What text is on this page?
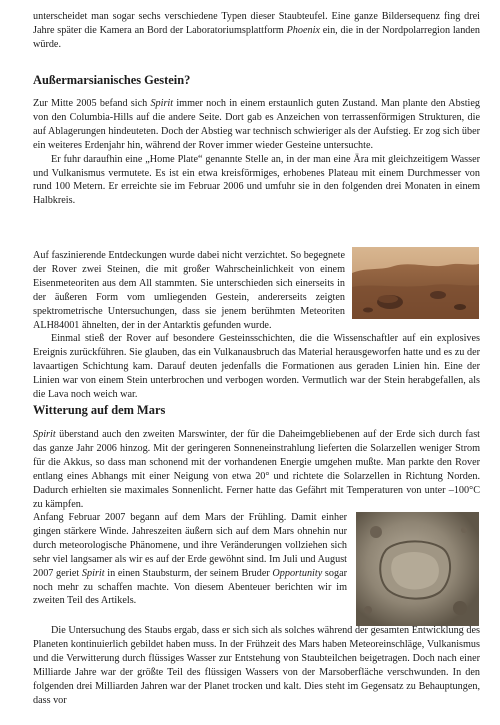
unterscheidet man sogar sechs verschiedene Typen dieser Staubteufel. Eine ganze Bildersequenz fing drei Jahre später die Kamera an Bord der Laboratoriumsplattform Phoenix ein, die in der Nordpolarregion landen würde.

Außermarsianisches Gestein?

Zur Mitte 2005 befand sich Spirit immer noch in einem erstaunlich guten Zustand. Man plante den Abstieg von den Columbia-Hills auf die andere Seite. Dort gab es Anzeichen von terrassenförmigen Strukturen, die auf Ablagerungen hindeuteten. Doch der Abstieg war technisch schwieriger als der Aufstieg. Er zog sich über ein weiteres Erdenjahr hin, während der Rover immer wieder Gesteine untersuchte.

Er fuhr daraufhin eine „Home Plate“ genannte Stelle an, in der man eine Ära mit gleichzeitigem Wasser und Vulkanismus vermutete. Es ist ein etwa kreisförmiges, erhobenes Plateau mit einem Durchmesser von rund 100 Metern. Er erreichte sie im Februar 2006 und umfuhr sie in den folgenden drei Monaten in einem Halbkreis.

Auf faszinierende Entdeckungen wurde dabei nicht verzichtet. So begegnete der Rover zwei Steinen, die mit großer Wahrscheinlichkeit von einem Eisenmeteoriten aus dem All stammten. Sie unterschieden sich einerseits in der äußeren Form vom umliegenden Gestein, andererseits zeigten spektrometrische Untersuchungen, dass sie jenem berühmten Meteoriten ALH84001 ähnelten, der in der Antarktis gefunden wurde.

Einmal stieß der Rover auf besondere Gesteinsschichten, die die Wissenschaftler auf ein explosives Ereignis zurückführen. Sie glauben, das ein Vulkanausbruch das Material herausgeworfen hatte und es zu der lavaartigen Schichtung kam. Darauf deuten jedenfalls die Formationen aus geraden Linien hin. Eine der Linien war von einem Stein unterbrochen und verbogen worden. Vermutlich war der Stein herabgefallen, als die Lava noch weich war.

Witterung auf dem Mars

Spirit überstand auch den zweiten Marswinter, der für die Daheimgebliebenen auf der Erde sich durch fast das ganze Jahr 2006 hinzog. Mit der geringeren Sonneneinstrahlung lieferten die Solarzellen weniger Strom für die Akkus, so dass man schonend mit der vorhandenen Energie umgehen mußte. Man parkte den Rover entlang eines Abhangs mit einer Neigung von etwa 20° und richtete die Solarzellen in Richtung Norden. Dadurch erhielten sie maximales Sonnenlicht. Ferner hatte das Gefährt mit Temperaturen von unter –100°C zu kämpfen.

Anfang Februar 2007 begann auf dem Mars der Frühling. Damit einher gingen stärkere Winde. Jahreszeiten äußern sich auf dem Mars ohnehin nur durch meteorologische Phänomene, und ihre Veränderungen vollziehen sich sehr viel langsamer als wir es auf der Erde gewöhnt sind. Im Juli und August 2007 geriet Spirit in einen Staubsturm, der seinem Bruder Opportunity sogar noch mehr zu schaffen machte. Von diesem Abenteuer berichten wir im zweiten Teil des Artikels.

Die Untersuchung des Staubs ergab, dass er sich sich als solches während der gesamten Entwicklung des Planeten kontinuierlich gebildet haben muss. In der Frühzeit des Mars haben Meteoreinschläge, Vulkanismus und die Verwitterung durch flüssiges Wasser zur Entstehung von Staubteilchen beigetragen. Doch nach einer Milliarde Jahre war der größte Teil des flüssigen Wassers von der Marsoberfläche verschwunden. In den folgenden drei Milliarden Jahren war der Planet trocken und kalt. Dies steht im Gegensatz zu Behauptungen, dass vor
